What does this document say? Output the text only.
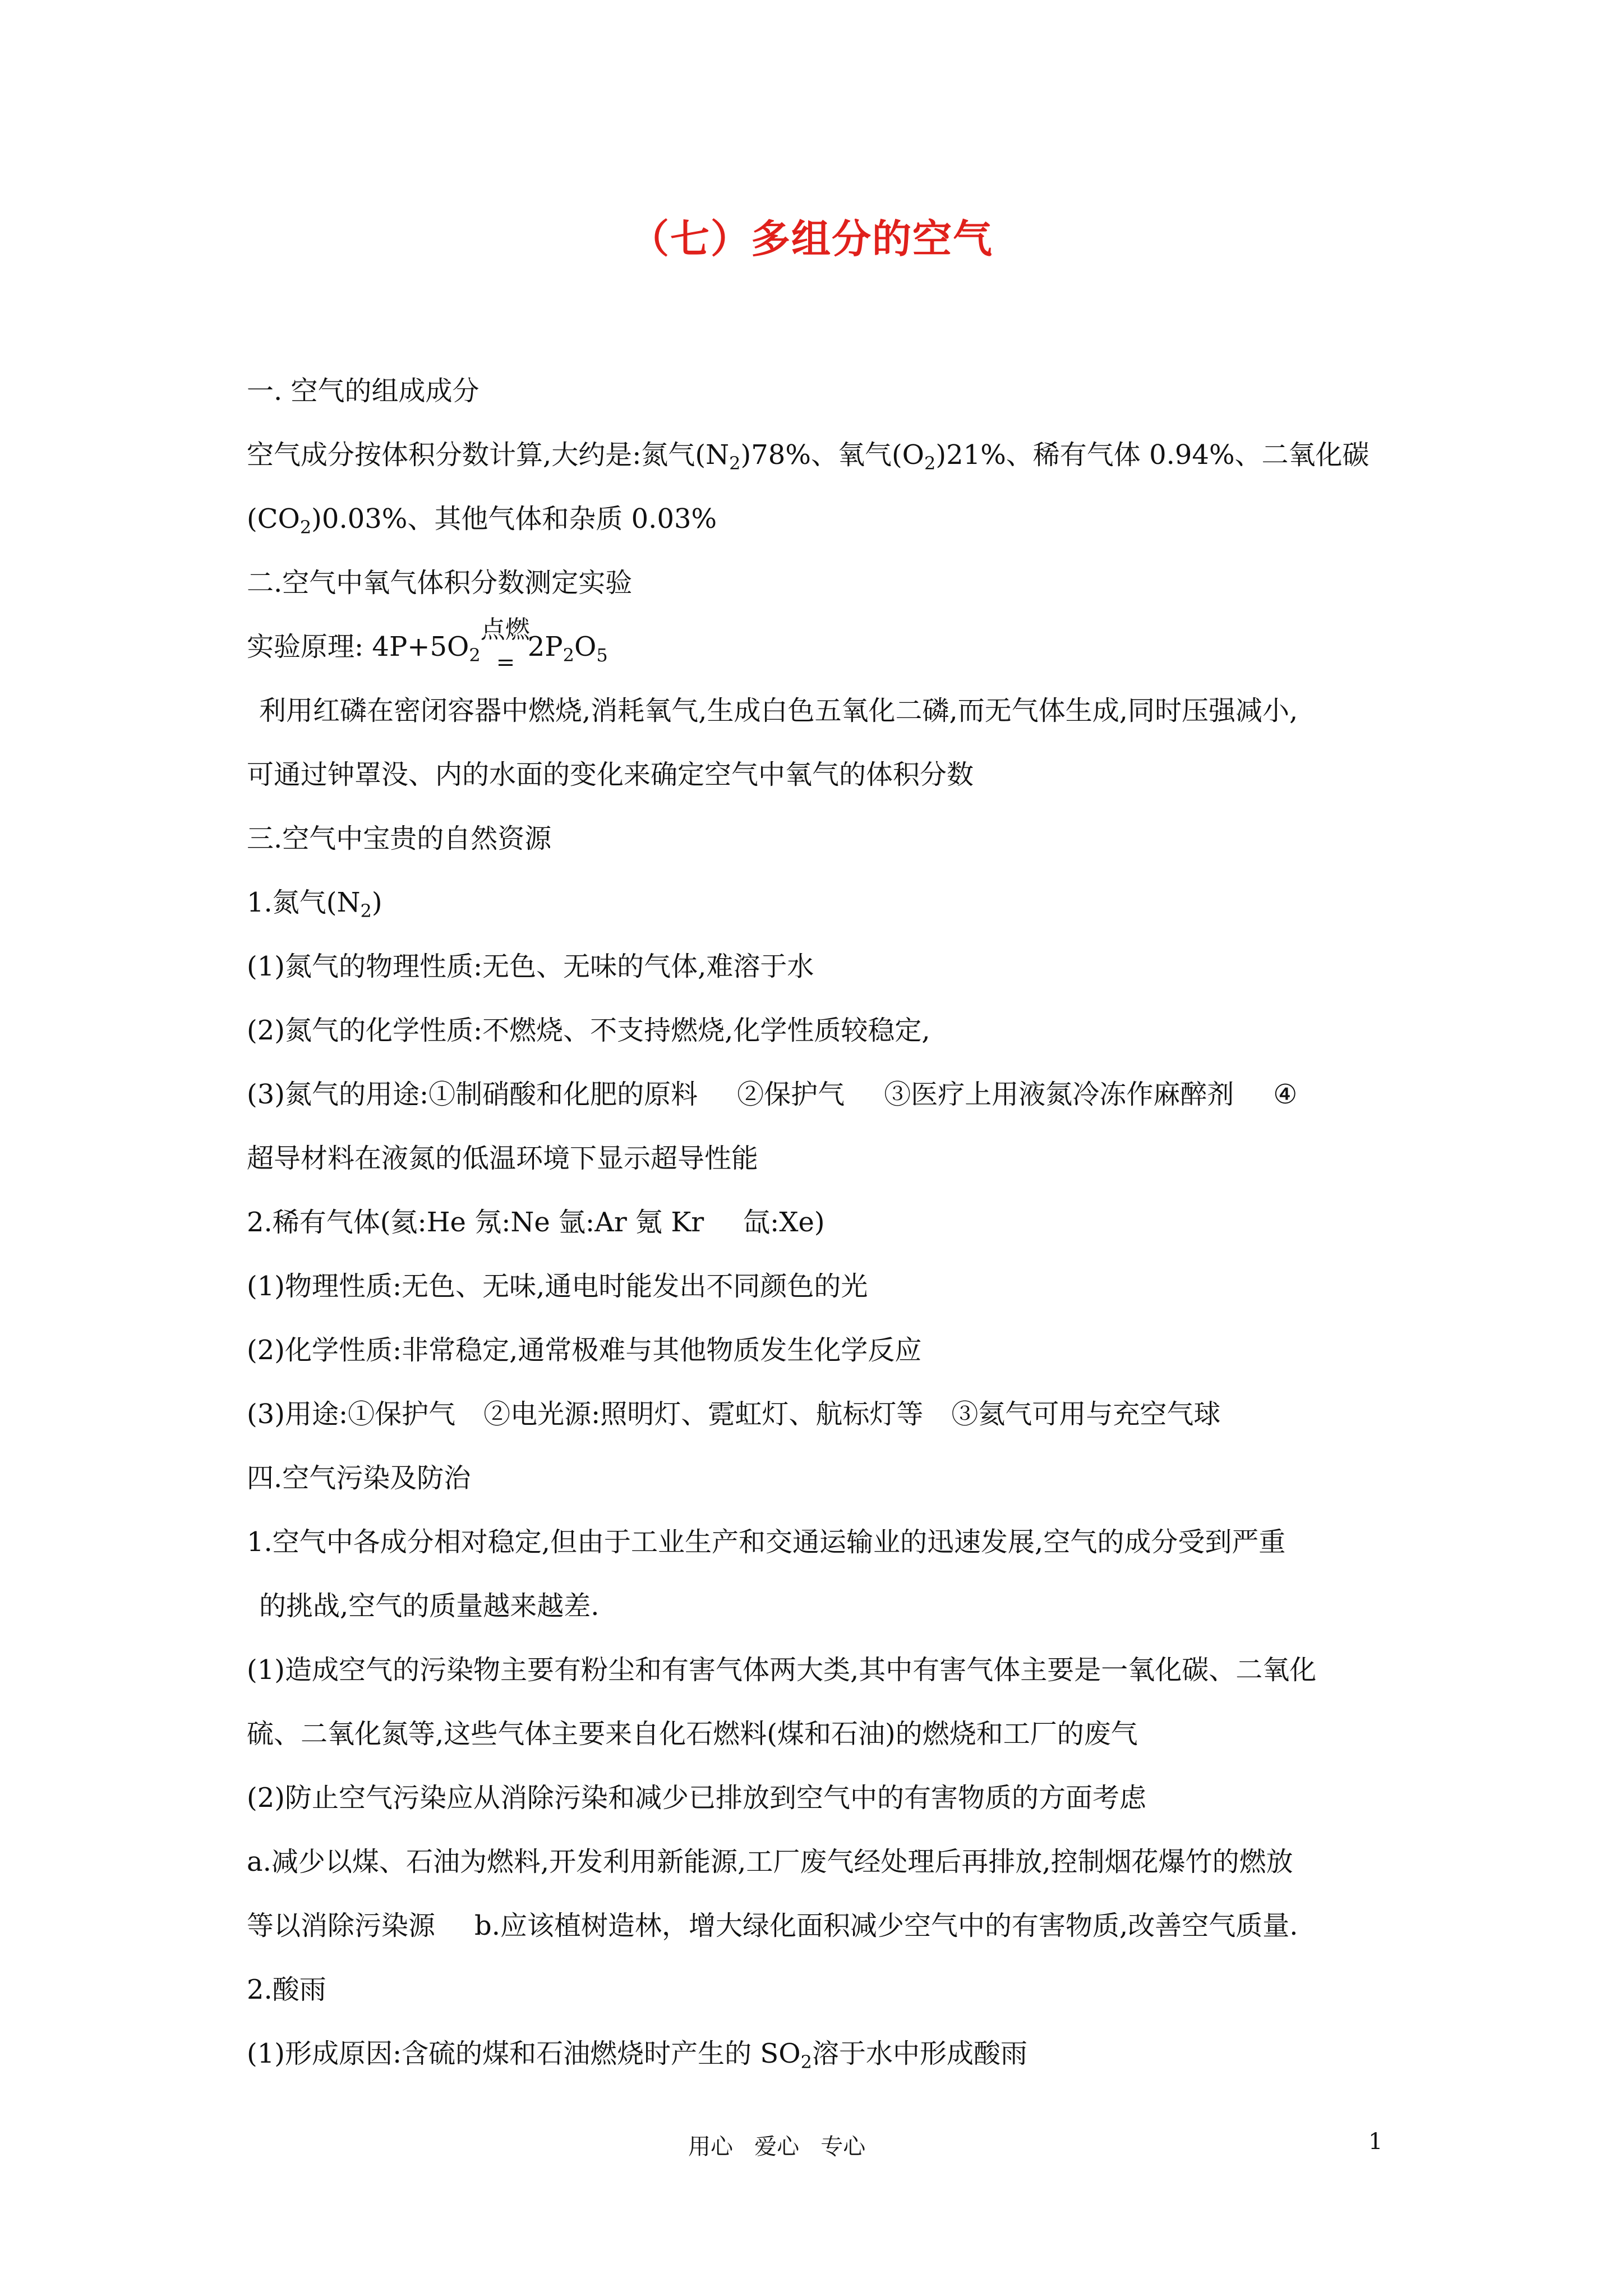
（七）多组分的空气
一. 空气的组成成分
空气成分按体积分数计算,大约是:氮气$(N_2)78\%$、氧气$(O_2)21\%$、稀有气体 0.94%、二氧化碳
$(CO_2)0.03\%$、其他气体和杂质 0.03%
二.空气中氧气体积分数测定实验
实验原理: $4P+5O_2$
点燃
= $2P_2O_5$
利用红磷在密闭容器中燃烧,消耗氧气,生成白色五氧化二磷,而无气体生成,同时压强减小,
可通过钟罩没、内的水面的变化来确定空气中氧气的体积分数
三.空气中宝贵的自然资源
1.氮气$(N_2)$
(1)氮气的物理性质:无色、无味的气体,难溶于水
(2)氮气的化学性质:不燃烧、不支持燃烧,化学性质较稳定,
(3)氮气的用途:①制硝酸和化肥的原料 ②保护气 ③医疗上用液氮冷冻作麻醉剂 ④
超导材料在液氮的低温环境下显示超导性能
2.稀有气体(氦:He 氖:Ne 氩:Ar 氪 Kr 氙:Xe)
(1)物理性质:无色、无味,通电时能发出不同颜色的光
(2)化学性质:非常稳定,通常极难与其他物质发生化学反应
(3)用途:①保护气 ②电光源:照明灯、霓虹灯、航标灯等 ③氦气可用与充空气球
四.空气污染及防治
1.空气中各成分相对稳定,但由于工业生产和交通运输业的迅速发展,空气的成分受到严重
的挑战,空气的质量越来越差.
(1)造成空气的污染物主要有粉尘和有害气体两大类,其中有害气体主要是一氧化碳、二氧化
硫、二氧化氮等,这些气体主要来自化石燃料(煤和石油)的燃烧和工厂的废气
(2)防止空气污染应从消除污染和减少已排放到空气中的有害物质的方面考虑
a.减少以煤、石油为燃料,开发利用新能源,工厂废气经处理后再排放,控制烟花爆竹的燃放
等以消除污染源 b.应该植树造林，增大绿化面积减少空气中的有害物质,改善空气质量.
2.酸雨
(1)形成原因:含硫的煤和石油燃烧时产生的 $SO_2$溶于水中形成酸雨
用心   爱心   专心	1
